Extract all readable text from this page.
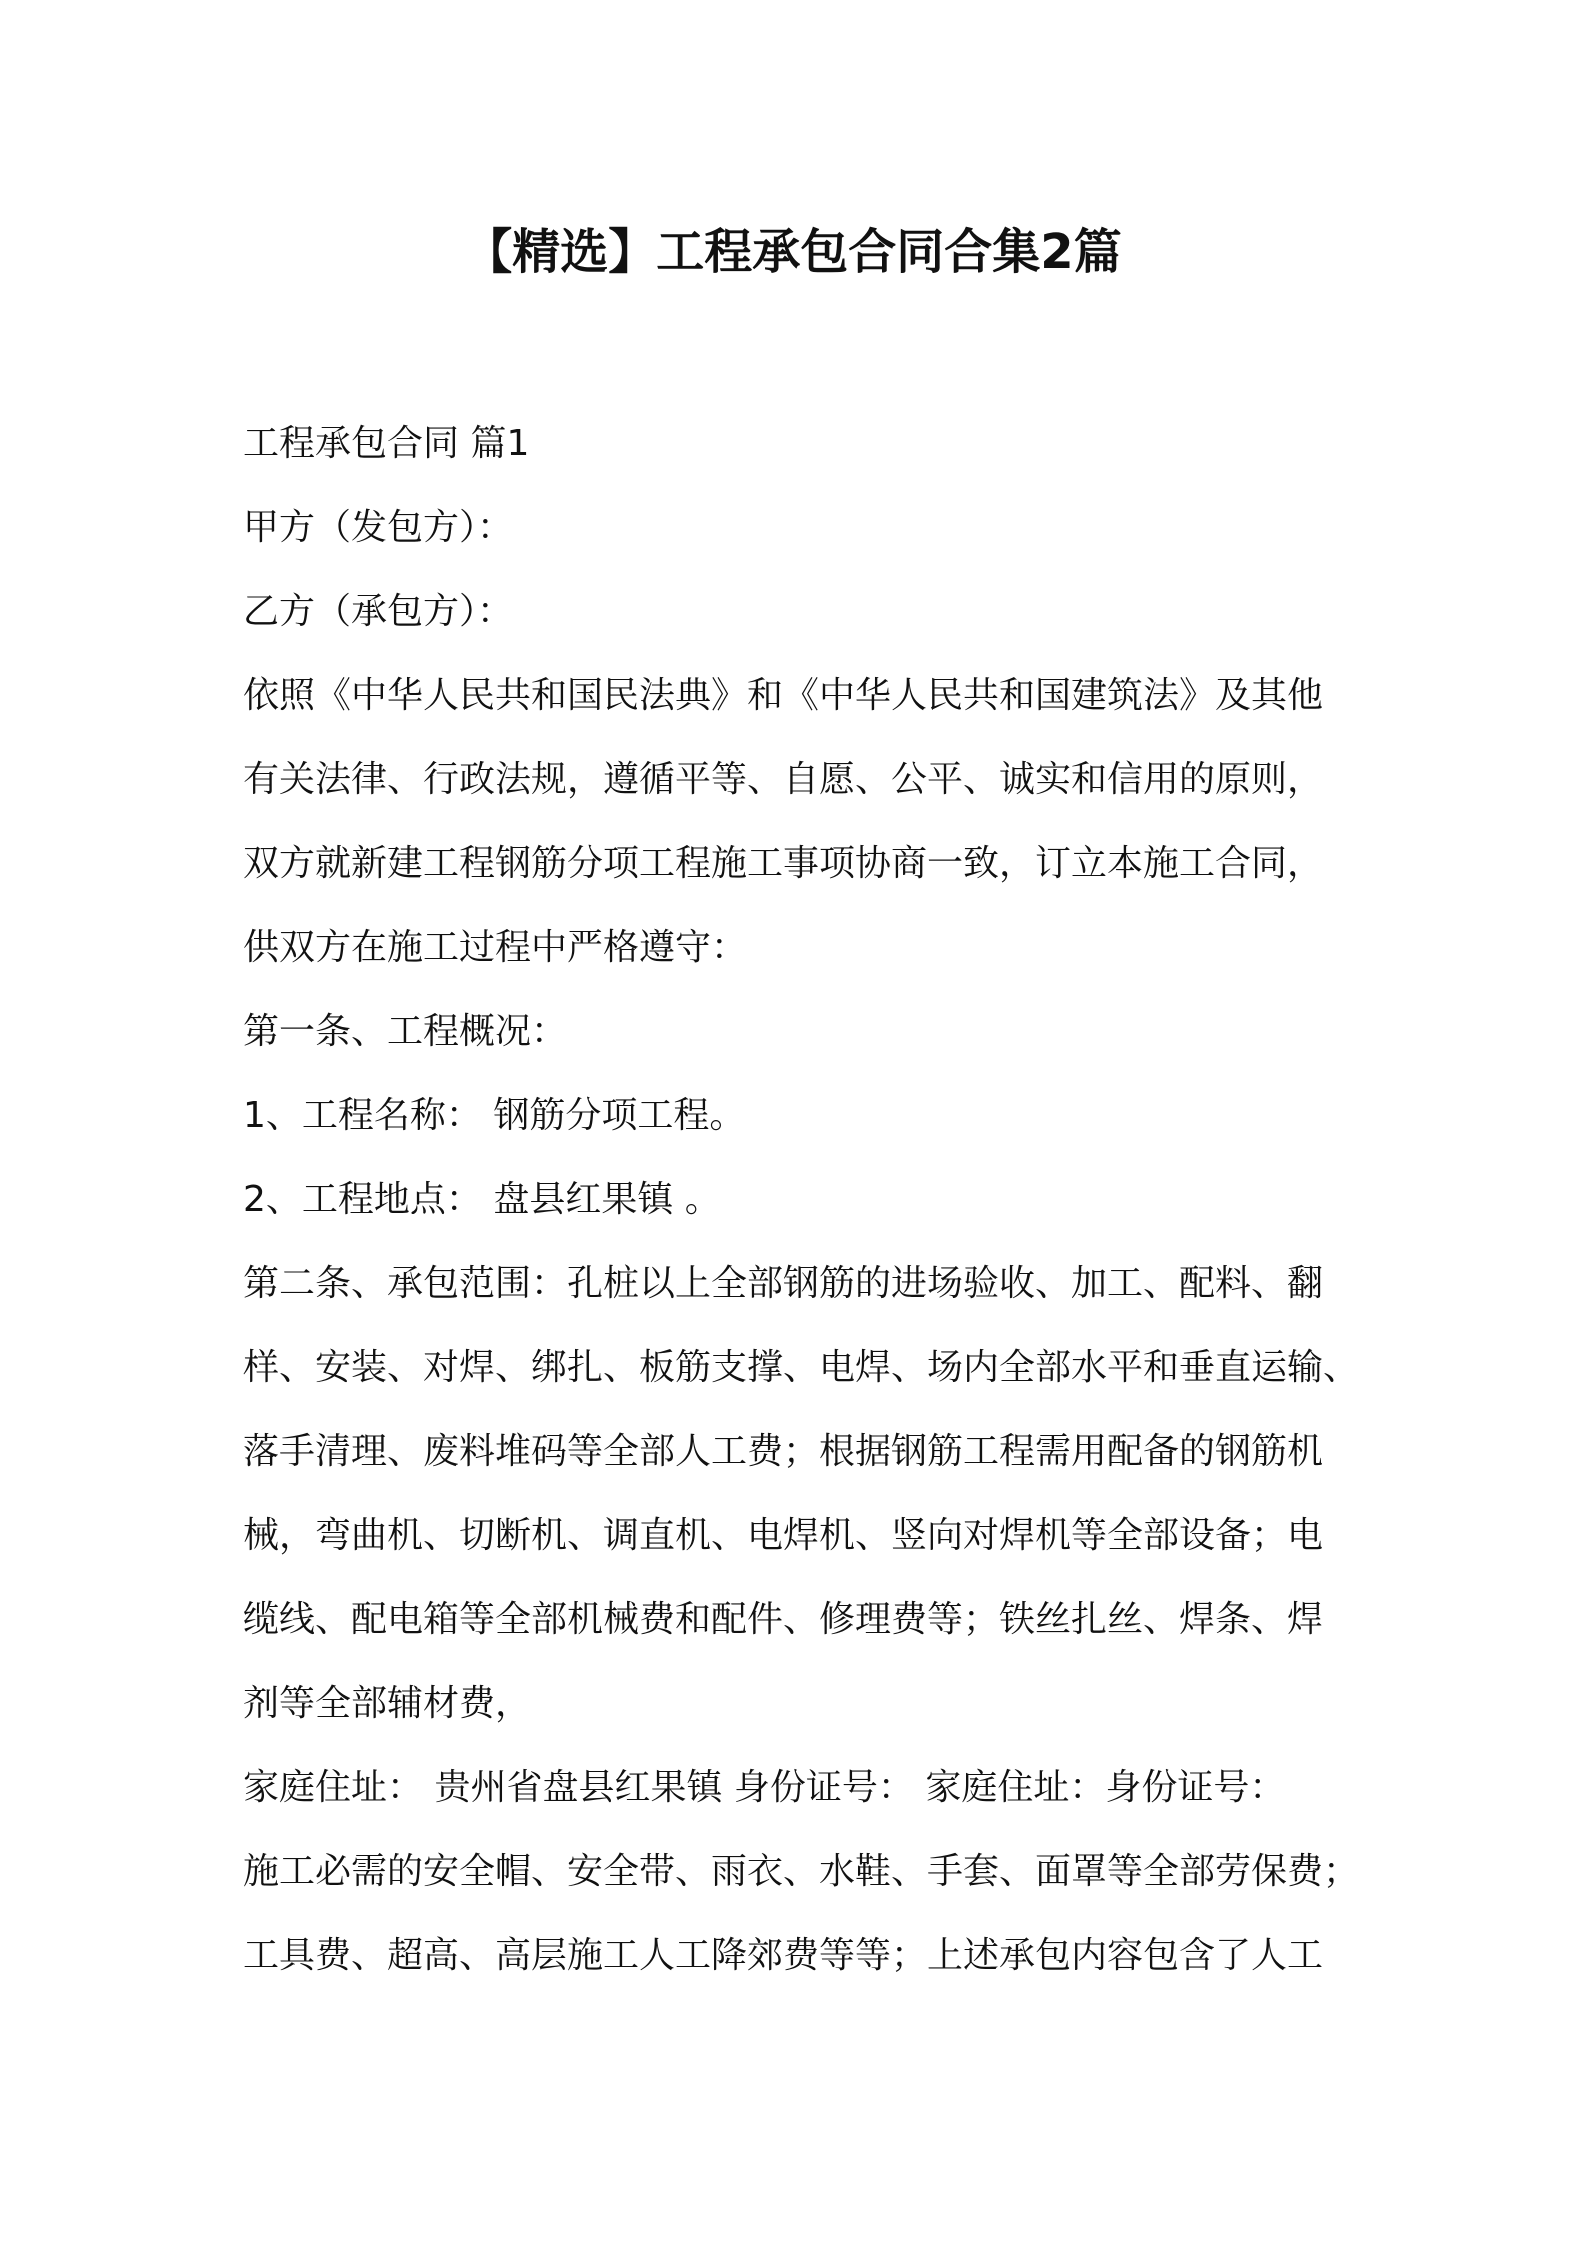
【精选】工程承包合同合集2篇

工程承包合同 篇1

甲方（发包方）：

乙方（承包方）：

依照《中华人民共和国民法典》和《中华人民共和国建筑法》及其他

有关法律、行政法规，遵循平等、自愿、公平、诚实和信用的原则，

双方就新建工程钢筋分项工程施工事项协商一致，订立本施工合同，

供双方在施工过程中严格遵守：

第一条、工程概况：

1、工程名称： 钢筋分项工程。

2、工程地点： 盘县红果镇 。

第二条、承包范围：孔桩以上全部钢筋的进场验收、加工、配料、翻

样、安装、对焊、绑扎、板筋支撑、电焊、场内全部水平和垂直运输、

落手清理、废料堆码等全部人工费；根据钢筋工程需用配备的钢筋机

械，弯曲机、切断机、调直机、电焊机、竖向对焊机等全部设备；电

缆线、配电箱等全部机械费和配件、修理费等；铁丝扎丝、焊条、焊

剂等全部辅材费，

家庭住址： 贵州省盘县红果镇 身份证号： 家庭住址：身份证号：

施工必需的安全帽、安全带、雨衣、水鞋、手套、面罩等全部劳保费；

工具费、超高、高层施工人工降郊费等等；上述承包内容包含了人工
